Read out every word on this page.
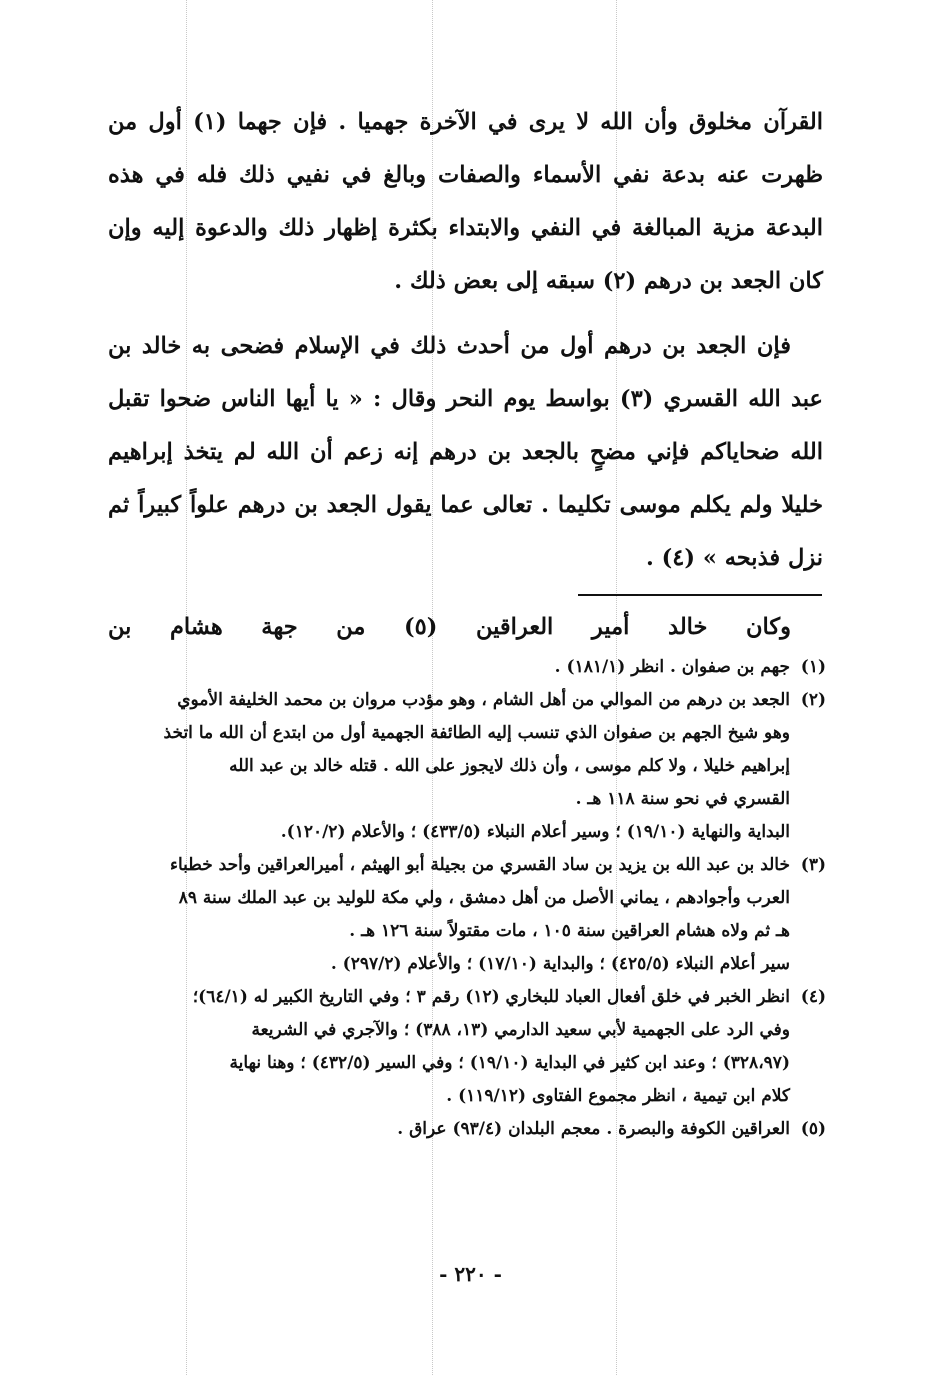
القرآن مخلوق وأن الله لا يرى في الآخرة جهميا . فإن جهما (١) أول من ظهرت عنه بدعة نفي الأسماء والصفات وبالغ في نفيي ذلك فله في هذه البدعة مزية المبالغة في النفي والابتداء بكثرة إظهار ذلك والدعوة إليه وإن كان الجعد بن درهم (٢) سبقه إلى بعض ذلك .

فإن الجعد بن درهم أول من أحدث ذلك في الإسلام فضحى به خالد بن عبد الله القسري (٣) بواسط يوم النحر وقال : « يا أيها الناس ضحوا تقبل الله ضحاياكم فإني مضحٍ بالجعد بن درهم إنه زعم أن الله لم يتخذ إبراهيم خليلا ولم يكلم موسى تكليما . تعالى عما يقول الجعد بن درهم علواً كبيراً ثم نزل فذبحه » (٤) .

وكان خالد أمير العراقين (٥) من جهة هشام بن

(١)
جهم بن صفوان . انظر (١٨١/١) .
(٢)
الجعد بن درهم من الموالي من أهل الشام ، وهو مؤدب مروان بن محمد الخليفة الأموي
وهو شيخ الجهم بن صفوان الذي تنسب إليه الطائفة الجهمية أول من ابتدع أن الله ما اتخذ
إبراهيم خليلا ، ولا كلم موسى ، وأن ذلك لايجوز على الله . قتله خالد بن عبد الله
القسري في نحو سنة ١١٨ هـ .
البداية والنهاية (١٩/١٠) ؛ وسير أعلام النبلاء (٤٣٣/٥) ؛ والأعلام (١٢٠/٢).
(٣)
خالد بن عبد الله بن يزيد بن ساد القسري من بجيلة أبو الهيثم ، أميرالعراقين وأحد خطباء
العرب وأجوادهم ، يماني الأصل من أهل دمشق ، ولي مكة للوليد بن عبد الملك سنة ٨٩
هـ ثم ولاه هشام العراقين سنة ١٠٥ ، مات مقتولاً سنة ١٢٦ هـ .
سير أعلام النبلاء (٤٢٥/٥) ؛ والبداية (١٧/١٠) ؛ والأعلام (٢٩٧/٢) .
(٤)
انظر الخبر في خلق أفعال العباد للبخاري (١٢) رقم ٣ ؛ وفي التاريخ الكبير له (٦٤/١)؛
وفي الرد على الجهمية لأبي سعيد الدارمي (١٣، ٣٨٨) ؛ والآجري في الشريعة
(٣٢٨،٩٧) ؛ وعند ابن كثير في البداية (١٩/١٠) ؛ وفي السير (٤٣٢/٥) ؛ وهنا نهاية
كلام ابن تيمية ، انظر مجموع الفتاوى (١١٩/١٢) .
(٥)
العراقين الكوفة والبصرة . معجم البلدان (٩٣/٤) عراق .
- ٢٢٠ -
